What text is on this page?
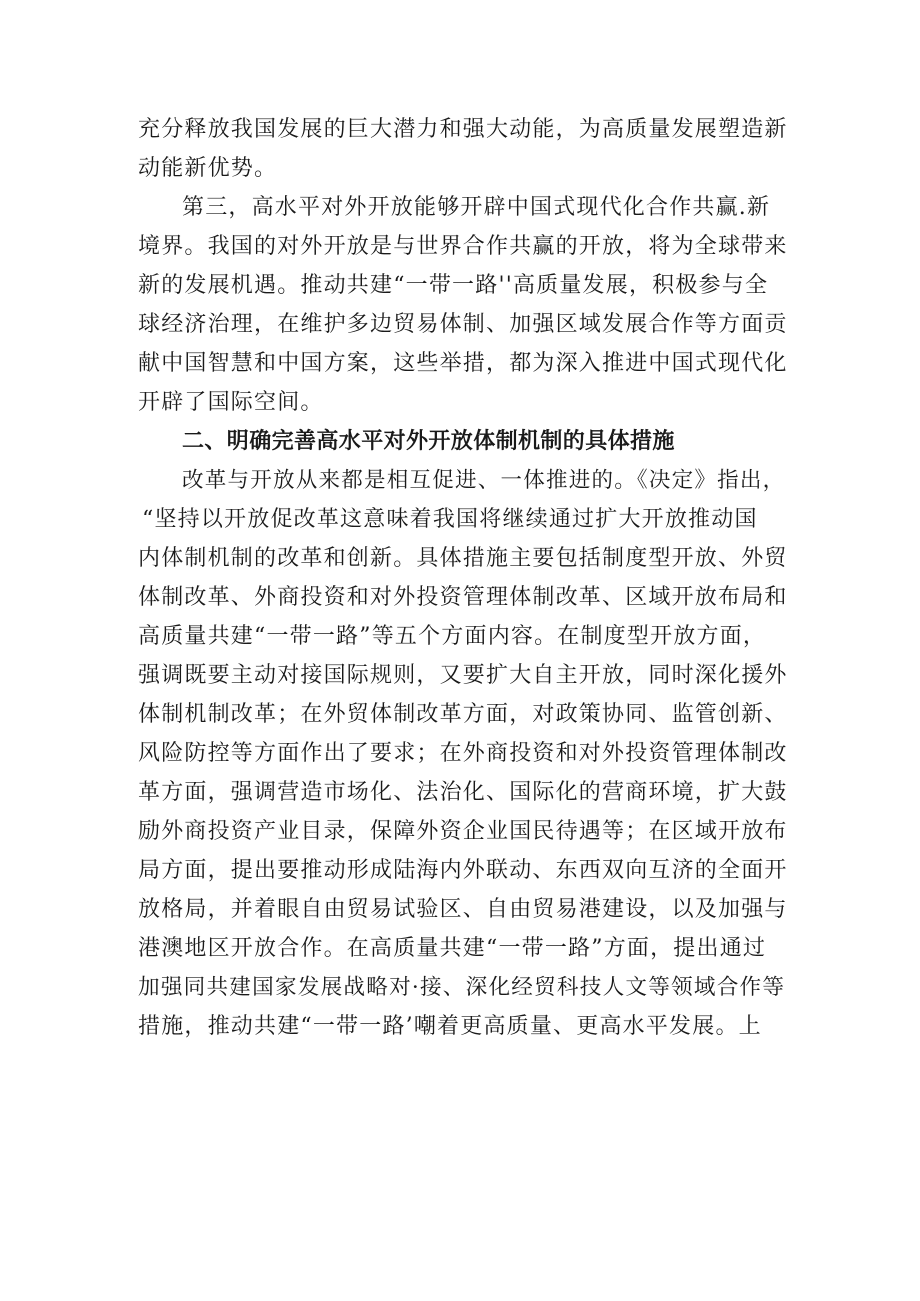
充分释放我国发展的巨大潜力和强大动能，为高质量发展塑造新
动能新优势。
第三，高水平对外开放能够开辟中国式现代化合作共赢.新
境界。我国的对外开放是与世界合作共赢的开放，将为全球带来
新的发展机遇。推动共建“一带一路''高质量发展，积极参与全
球经济治理，在维护多边贸易体制、加强区域发展合作等方面贡
献中国智慧和中国方案，这些举措，都为深入推进中国式现代化
开辟了国际空间。
二、明确完善高水平对外开放体制机制的具体措施
改革与开放从来都是相互促进、一体推进的。《决定》指出，
“坚持以开放促改革这意味着我国将继续通过扩大开放推动国
内体制机制的改革和创新。具体措施主要包括制度型开放、外贸
体制改革、外商投资和对外投资管理体制改革、区域开放布局和
高质量共建“一带一路”等五个方面内容。在制度型开放方面，
强调既要主动对接国际规则，又要扩大自主开放，同时深化援外
体制机制改革；在外贸体制改革方面，对政策协同、监管创新、
风险防控等方面作出了要求；在外商投资和对外投资管理体制改
革方面，强调营造市场化、法治化、国际化的营商环境，扩大鼓
励外商投资产业目录，保障外资企业国民待遇等；在区域开放布
局方面，提出要推动形成陆海内外联动、东西双向互济的全面开
放格局，并着眼自由贸易试验区、自由贸易港建设，以及加强与
港澳地区开放合作。在高质量共建“一带一路”方面，提出通过
加强同共建国家发展战略对·接、深化经贸科技人文等领域合作等
措施，推动共建“一带一路’嘲着更高质量、更高水平发展。上
